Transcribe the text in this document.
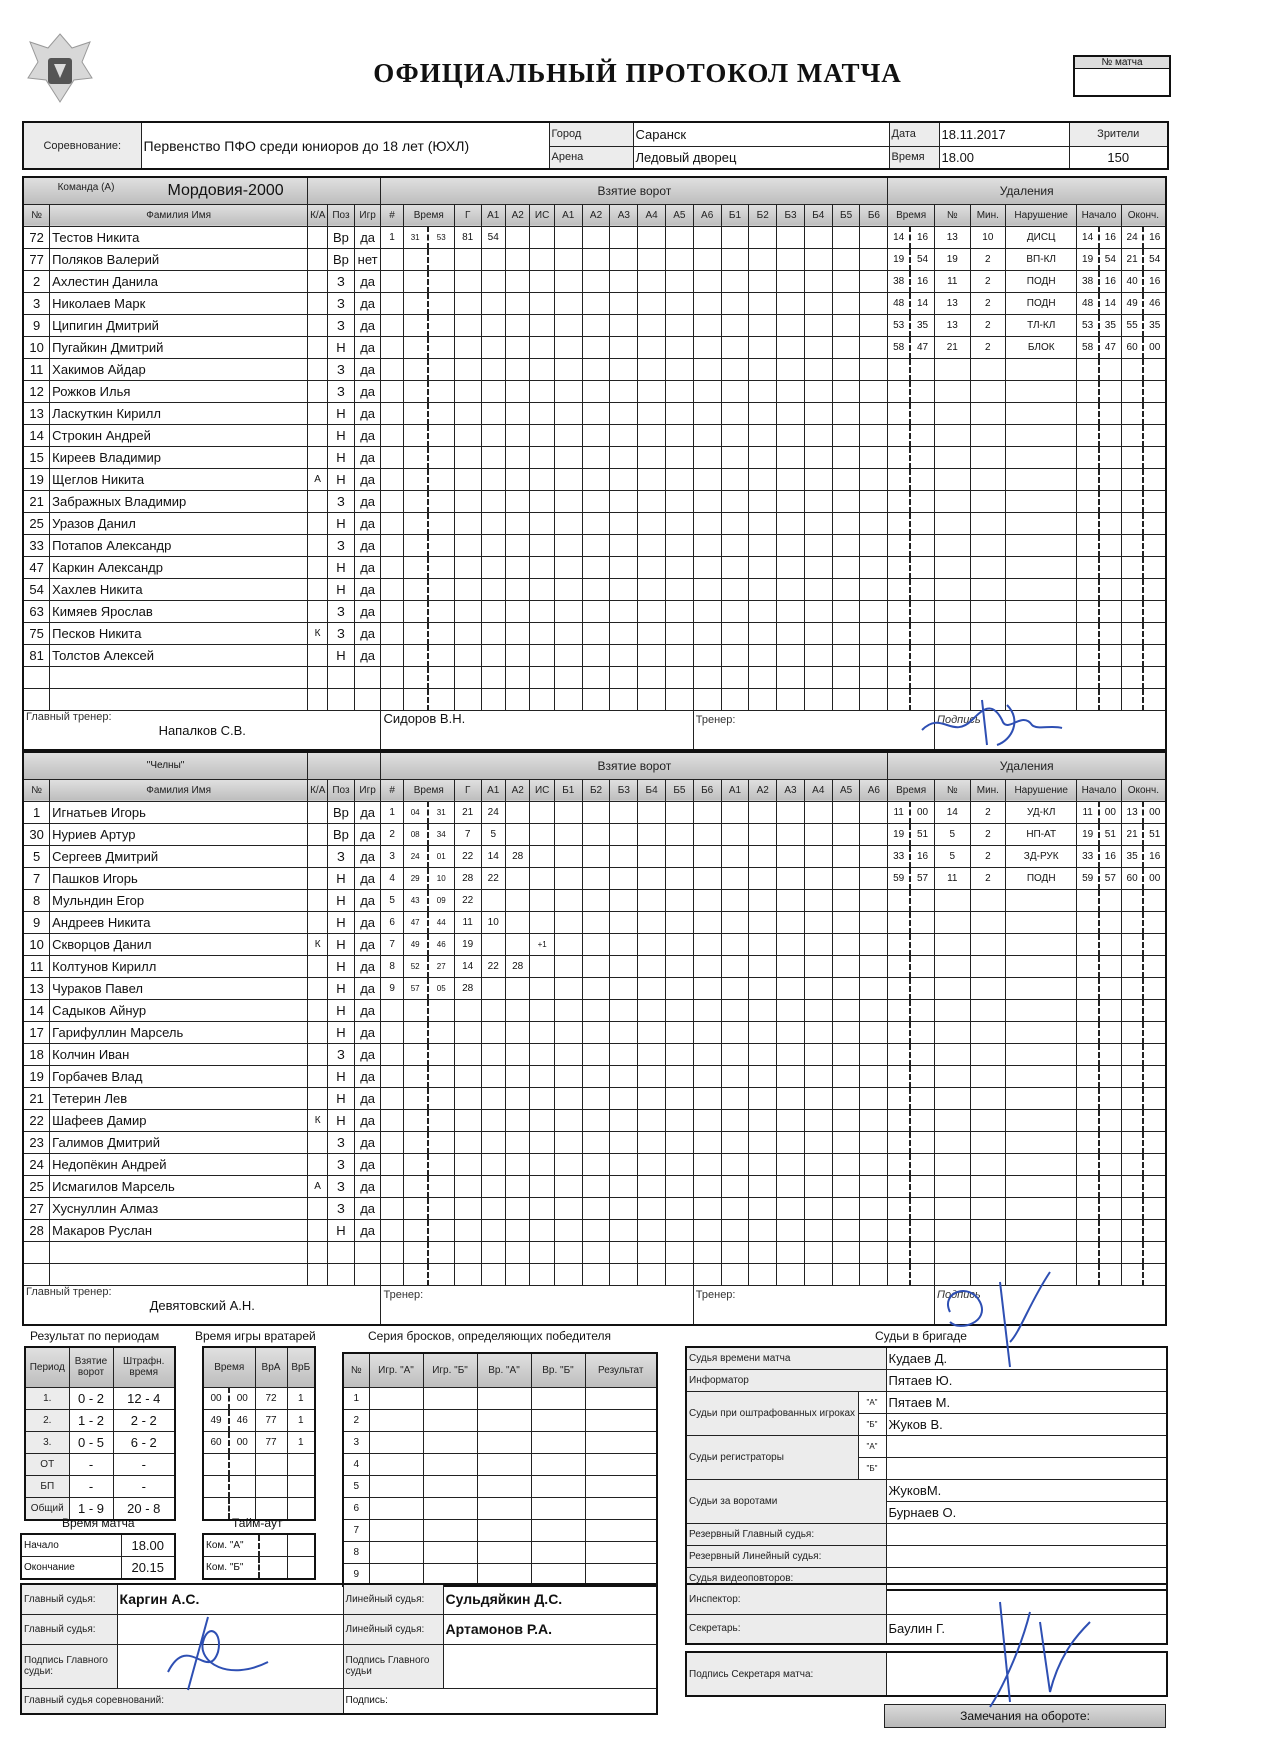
ОФИЦИАЛЬНЫЙ ПРОТОКОЛ МАТЧА	№ матча
Соревнование:	Первенство ПФО среди юниоров до 18 лет (ЮХЛ)	Город	Саранск	Дата	18.11.2017	Зрители
		Арена	Ледовый дворец	Время	18.00	150
Команда (А) Мордовия-2000					Взятие ворот																			Удаления								
№	Фамилия Имя	К/А	Поз	Игр	#	Время		Г	А1	А2	ИС	А1	А2	А3	А4	А5	А6	Б1	Б2	Б3	Б4	Б5	Б6	Время		№	Мин.	Нарушение	Начало		Оконч.	
72	Тестов Никита		Вр	да	1	31	53	81	54															14	16	13	10	ДИСЦ	14	16	24	16
77	Поляков Валерий		Вр	нет																				19	54	19	2	ВП-КЛ	19	54	21	54
2	Ахлестин Данила		З	да																				38	16	11	2	ПОДН	38	16	40	16
3	Николаев Марк		З	да																				48	14	13	2	ПОДН	48	14	49	46
9	Ципигин Дмитрий		З	да																				53	35	13	2	ТЛ-КЛ	53	35	55	35
10	Пугайкин Дмитрий		Н	да																				58	47	21	2	БЛОК	58	47	60	00
11	Хакимов Айдар		З	да																												
12	Рожков Илья		З	да																												
13	Ласкуткин Кирилл		Н	да																												
14	Строкин Андрей		Н	да																												
15	Киреев Владимир		Н	да																												
19	Щеглов Никита	А	Н	да																												
21	Забражных Владимир		З	да																												
25	Уразов Данил		Н	да																												
33	Потапов Александр		З	да																												
47	Каркин Александр		Н	да																												
54	Хахлев Никита		Н	да																												
63	Кимяев Ярослав		З	да																												
75	Песков Никита	К	З	да																												
81	Толстов Алексей		Н	да																												

Главный тренер:
Напалков С.В.					Сидоров В.Н.												Тренер:									Подпись						
"Челны"					Взятие ворот																			Удаления								
№	Фамилия Имя	К/А	Поз	Игр	#	Время		Г	А1	А2	ИС	Б1	Б2	Б3	Б4	Б5	Б6	А1	А2	А3	А4	А5	А6	Время		№	Мин.	Нарушение	Начало		Оконч.	
1	Игнатьев Игорь		Вр	да	1	04	31	21	24															11	00	14	2	УД-КЛ	11	00	13	00
30	Нуриев Артур		Вр	да	2	08	34	7	5															19	51	5	2	НП-АТ	19	51	21	51
5	Сергеев Дмитрий		З	да	3	24	01	22	14	28														33	16	5	2	ЗД-РУК	33	16	35	16
7	Пашков Игорь		Н	да	4	29	10	28	22															59	57	11	2	ПОДН	59	57	60	00
8	Мульндин Егор		Н	да	5	43	09	22																								
9	Андреев Никита		Н	да	6	47	44	11	10																							
10	Скворцов Данил	К	Н	да	7	49	46	19			+1																					
11	Колтунов Кирилл		Н	да	8	52	27	14	22	28																						
13	Чураков Павел		Н	да	9	57	05	28																								
14	Садыков Айнур		Н	да																												
17	Гарифуллин Марсель		Н	да																												
18	Колчин Иван		З	да																												
19	Горбачев Влад		Н	да																												
21	Тетерин Лев		Н	да																												
22	Шафеев Дамир	К	Н	да																												
23	Галимов Дмитрий		З	да																												
24	Недопёкин Андрей		З	да																												
25	Исмагилов Марсель	А	З	да																												
27	Хуснуллин Алмаз		З	да																												
28	Макаров Руслан		Н	да																												

Главный тренер:
Девятовский А.Н.					Тренер:												Тренер:									Подпись						
Результат по периодам
Период	Взятие ворот	Штрафн. время
1.	0 - 2	12 - 4
2.	1 - 2	2 - 2
3.	0 - 5	6 - 2
ОТ	-	-
БП	-	-
Общий	1 - 9	20 - 8
Время игры вратарей
Время		ВрА	ВрБ
00	00	72	1
49	46	77	1
60	00	77	1

Серия бросков, определяющих победителя
№	Игр. "А"	Игр. "Б"	Вр. "А"	Вр. "Б"	Результат
1					
2					
3					
4					
5					
6					
7					
8					
9					
Время матча
Начало	18.00
Окончание	20.15
Тайм-аут
Ком. "А"		
Ком. "Б"		
Судьи в бригаде
Судья времени матча		Кудаев Д.
Информатор		Пятаев Ю.
Судьи при оштрафованных игроках	"А"	Пятаев М.
	"Б"	Жуков В.
Судьи регистраторы	"А"	
	"Б"	
Судьи за воротами		ЖуковМ.
		Бурнаев О.
Резервный Главный судья:		
Резервный Линейный судья:		
Судья видеоповторов:		
Главный судья:	Каргин А.С.	Линейный судья:	Сульдяйкин Д.С.
Главный судья:		Линейный судья:	Артамонов Р.А.
Подпись Главного судьи:		Подпись Главного судьи	
Главный судья соревнований:		Подпись:	
Инспектор:	
Секретарь:	Баулин Г.
Подпись Секретаря матча:	
Замечания на обороте:
